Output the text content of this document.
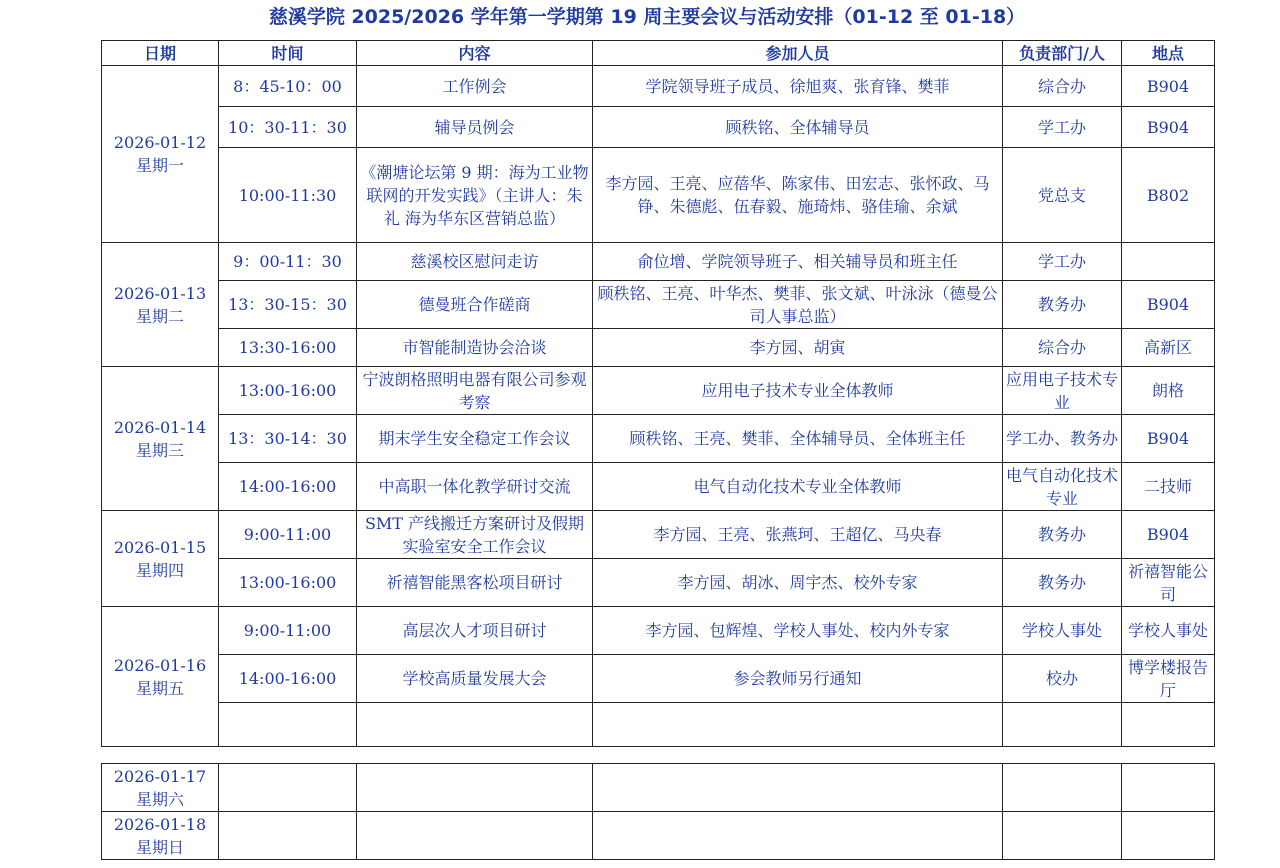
慈溪学院 2025/2026 学年第一学期第 19 周主要会议与活动安排（01-12 至 01-18）
日期	时间	内容	参加人员	负责部门/人	地点

2026-01-12
星期一	8：45-10：00	工作例会	学院领导班子成员、徐旭爽、张育锋、樊菲	综合办	B904
	10：30-11：30	辅导员例会	顾秩铭、全体辅导员	学工办	B904
	10:00-11:30	《潮塘论坛第 9 期：海为工业物联网的开发实践》（主讲人：朱礼 海为华东区营销总监）	李方园、王亮、应蓓华、陈家伟、田宏志、张怀政、马铮、朱德彪、伍春毅、施琦炜、骆佳瑜、余斌	党总支	B802

2026-01-13
星期二	9：00-11：30	慈溪校区慰问走访	俞位增、学院领导班子、相关辅导员和班主任	学工办	
	13：30-15：30	德曼班合作磋商	顾秩铭、王亮、叶华杰、樊菲、张文斌、叶泳泳（德曼公司人事总监）	教务办	B904
	13:30-16:00	市智能制造协会洽谈	李方园、胡寅	综合办	高新区

2026-01-14
星期三	13:00-16:00	宁波朗格照明电器有限公司参观考察	应用电子技术专业全体教师	应用电子技术专业	朗格
	13：30-14：30	期末学生安全稳定工作会议	顾秩铭、王亮、樊菲、全体辅导员、全体班主任	学工办、教务办	B904
	14:00-16:00	中高职一体化教学研讨交流	电气自动化技术专业全体教师	电气自动化技术专业	二技师

2026-01-15
星期四	9:00-11:00	SMT 产线搬迁方案研讨及假期实验室安全工作会议	李方园、王亮、张燕珂、王超亿、马央春	教务办	B904
	13:00-16:00	祈禧智能黑客松项目研讨	李方园、胡冰、周宇杰、校外专家	教务办	祈禧智能公司

2026-01-16
星期五	9:00-11:00	高层次人才项目研讨	李方园、包辉煌、学校人事处、校内外专家	学校人事处	学校人事处
	14:00-16:00	学校高质量发展大会	参会教师另行通知	校办	博学楼报告厅

2026-01-17
星期六					

2026-01-18
星期日					
